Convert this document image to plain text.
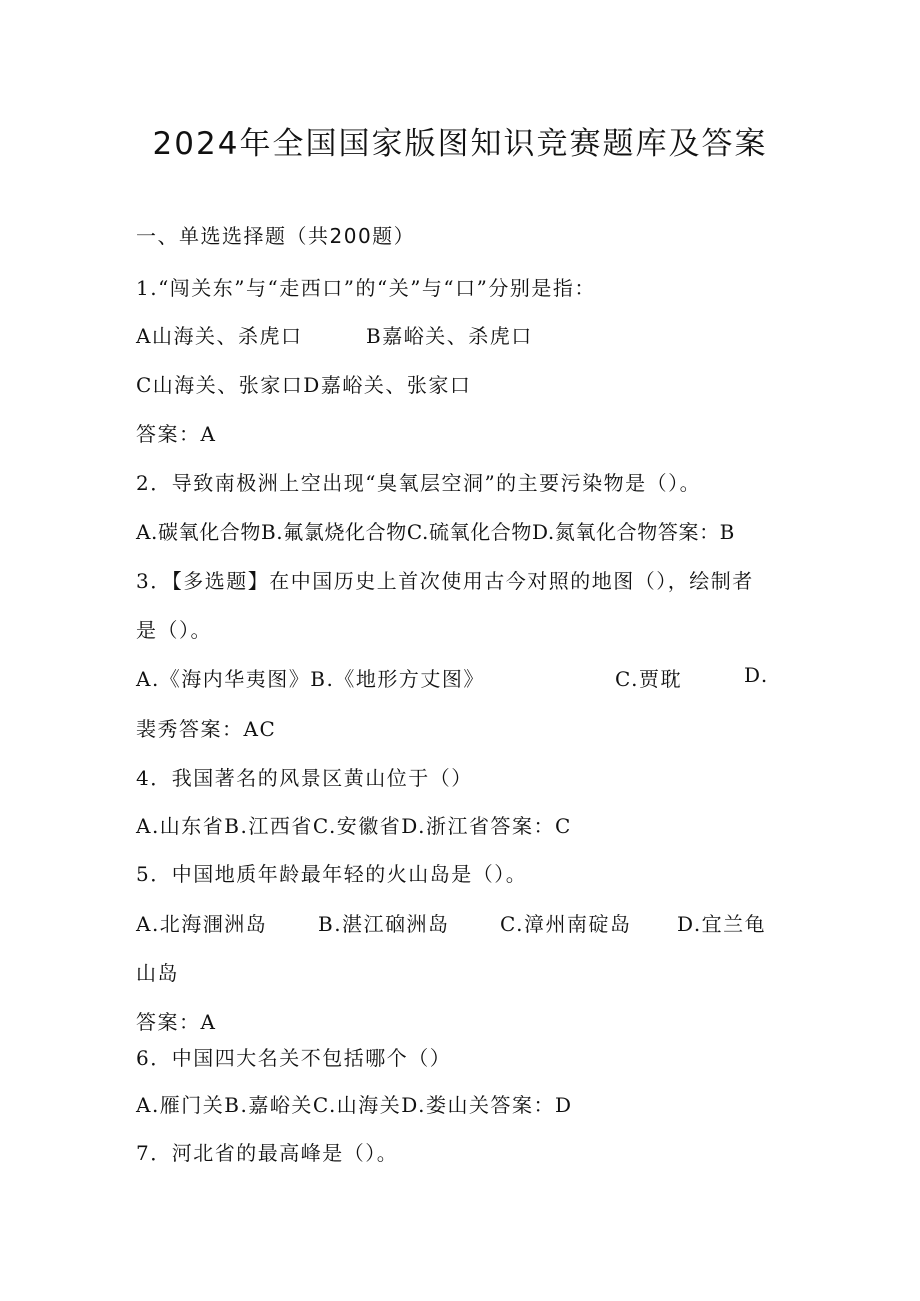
2024年全国国家版图知识竞赛题库及答案
一、单选选择题（共200题）
1.“闯关东”与“走西口”的“关”与“口”分别是指：
A山海关、杀虎口	B嘉峪关、杀虎口
C山海关、张家口D嘉峪关、张家口
答案：A
2．导致南极洲上空出现“臭氧层空洞”的主要污染物是（）。
A.碳氧化合物B.氟氯烧化合物C.硫氧化合物D.氮氧化合物答案：B
3．【多选题】在中国历史上首次使用古今对照的地图（），绘制者
是（）。
A.《海内华夷图》B.《地形方丈图》	C.贾耽	D.
裴秀答案：AC
4．我国著名的风景区黄山位于（）
A.山东省B.江西省C.安徽省D.浙江省答案：C
5．中国地质年龄最年轻的火山岛是（）。
A.北海涠洲岛	B.湛江硇洲岛	C.漳州南碇岛 D.宜兰龟
山岛
答案：A
6．中国四大名关不包括哪个（）
A.雁门关B.嘉峪关C.山海关D.娄山关答案：D
7．河北省的最高峰是（）。
